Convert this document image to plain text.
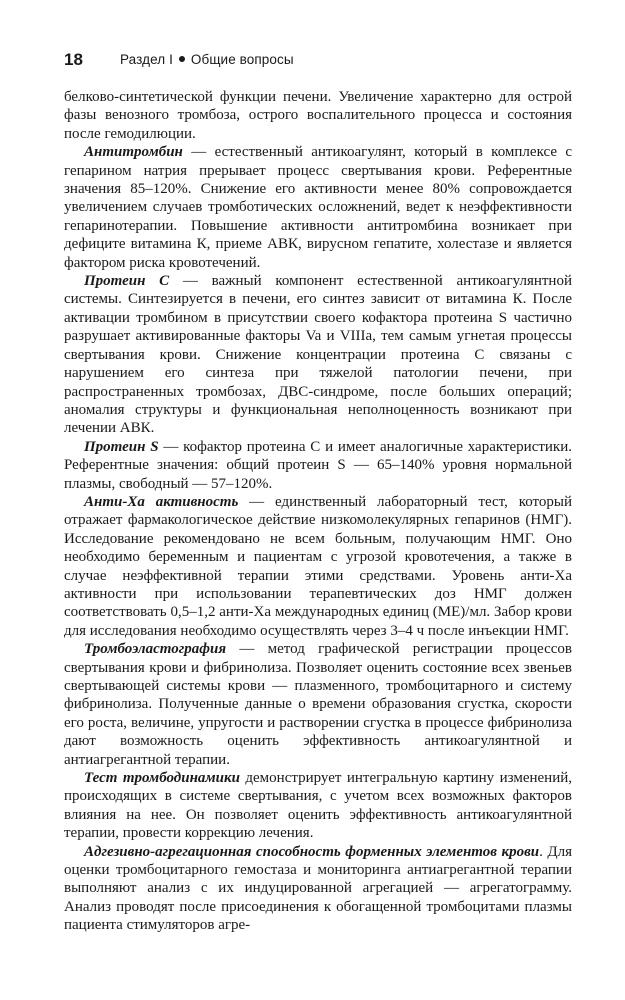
18	Раздел I Общие вопросы

белково-синтетической функции печени. Увеличение характерно для острой фазы венозного тромбоза, острого воспалительного процесса и состояния после гемодилюции.

Антитромбин — естественный антикоагулянт, который в комплексе с гепарином натрия прерывает процесс свертывания крови. Референтные значения 85–120%. Снижение его активности менее 80% сопровождается увеличением случаев тромботических осложнений, ведет к неэффективности гепаринотерапии. Повышение активности антитромбина возникает при дефиците витамина К, приеме АВК, вирусном гепатите, холестазе и является фактором риска кровотечений.

Протеин С — важный компонент естественной антикоагулянтной системы. Синтезируется в печени, его синтез зависит от витамина К. После активации тромбином в присутствии своего кофактора протеина S частично разрушает активированные факторы Va и VIIIa, тем самым угнетая процессы свертывания крови. Снижение концентрации протеина С связаны с нарушением его синтеза при тяжелой патологии печени, при распространенных тромбозах, ДВС-синдроме, после больших операций; аномалия структуры и функциональная неполноценность возникают при лечении АВК.

Протеин S — кофактор протеина С и имеет аналогичные характеристики. Референтные значения: общий протеин S — 65–140% уровня нормальной плазмы, свободный — 57–120%.

Анти-Ха активность — единственный лабораторный тест, который отражает фармакологическое действие низкомолекулярных гепаринов (НМГ). Исследование рекомендовано не всем больным, получающим НМГ. Оно необходимо беременным и пациентам с угрозой кровотечения, а также в случае неэффективной терапии этими средствами. Уровень анти-Ха активности при использовании терапевтических доз НМГ должен соответствовать 0,5–1,2 анти-Ха международных единиц (МЕ)/мл. Забор крови для исследования необходимо осуществлять через 3–4 ч после инъекции НМГ.

Тромбоэластография — метод графической регистрации процессов свертывания крови и фибринолиза. Позволяет оценить состояние всех звеньев свертывающей системы крови — плазменного, тромбоцитарного и систему фибринолиза. Полученные данные о времени образования сгустка, скорости его роста, величине, упругости и растворении сгустка в процессе фибринолиза дают возможность оценить эффективность антикоагулянтной и антиагрегантной терапии.

Тест тромбодинамики демонстрирует интегральную картину изменений, происходящих в системе свертывания, с учетом всех возможных факторов влияния на нее. Он позволяет оценить эффективность антикоагулянтной терапии, провести коррекцию лечения.

Адгезивно-агрегационная способность форменных элементов крови. Для оценки тромбоцитарного гемостаза и мониторинга антиагрегантной терапии выполняют анализ с их индуцированной агрегацией — агрегатограмму. Анализ проводят после присоединения к обогащенной тромбоцитами плазмы пациента стимуляторов агре-
